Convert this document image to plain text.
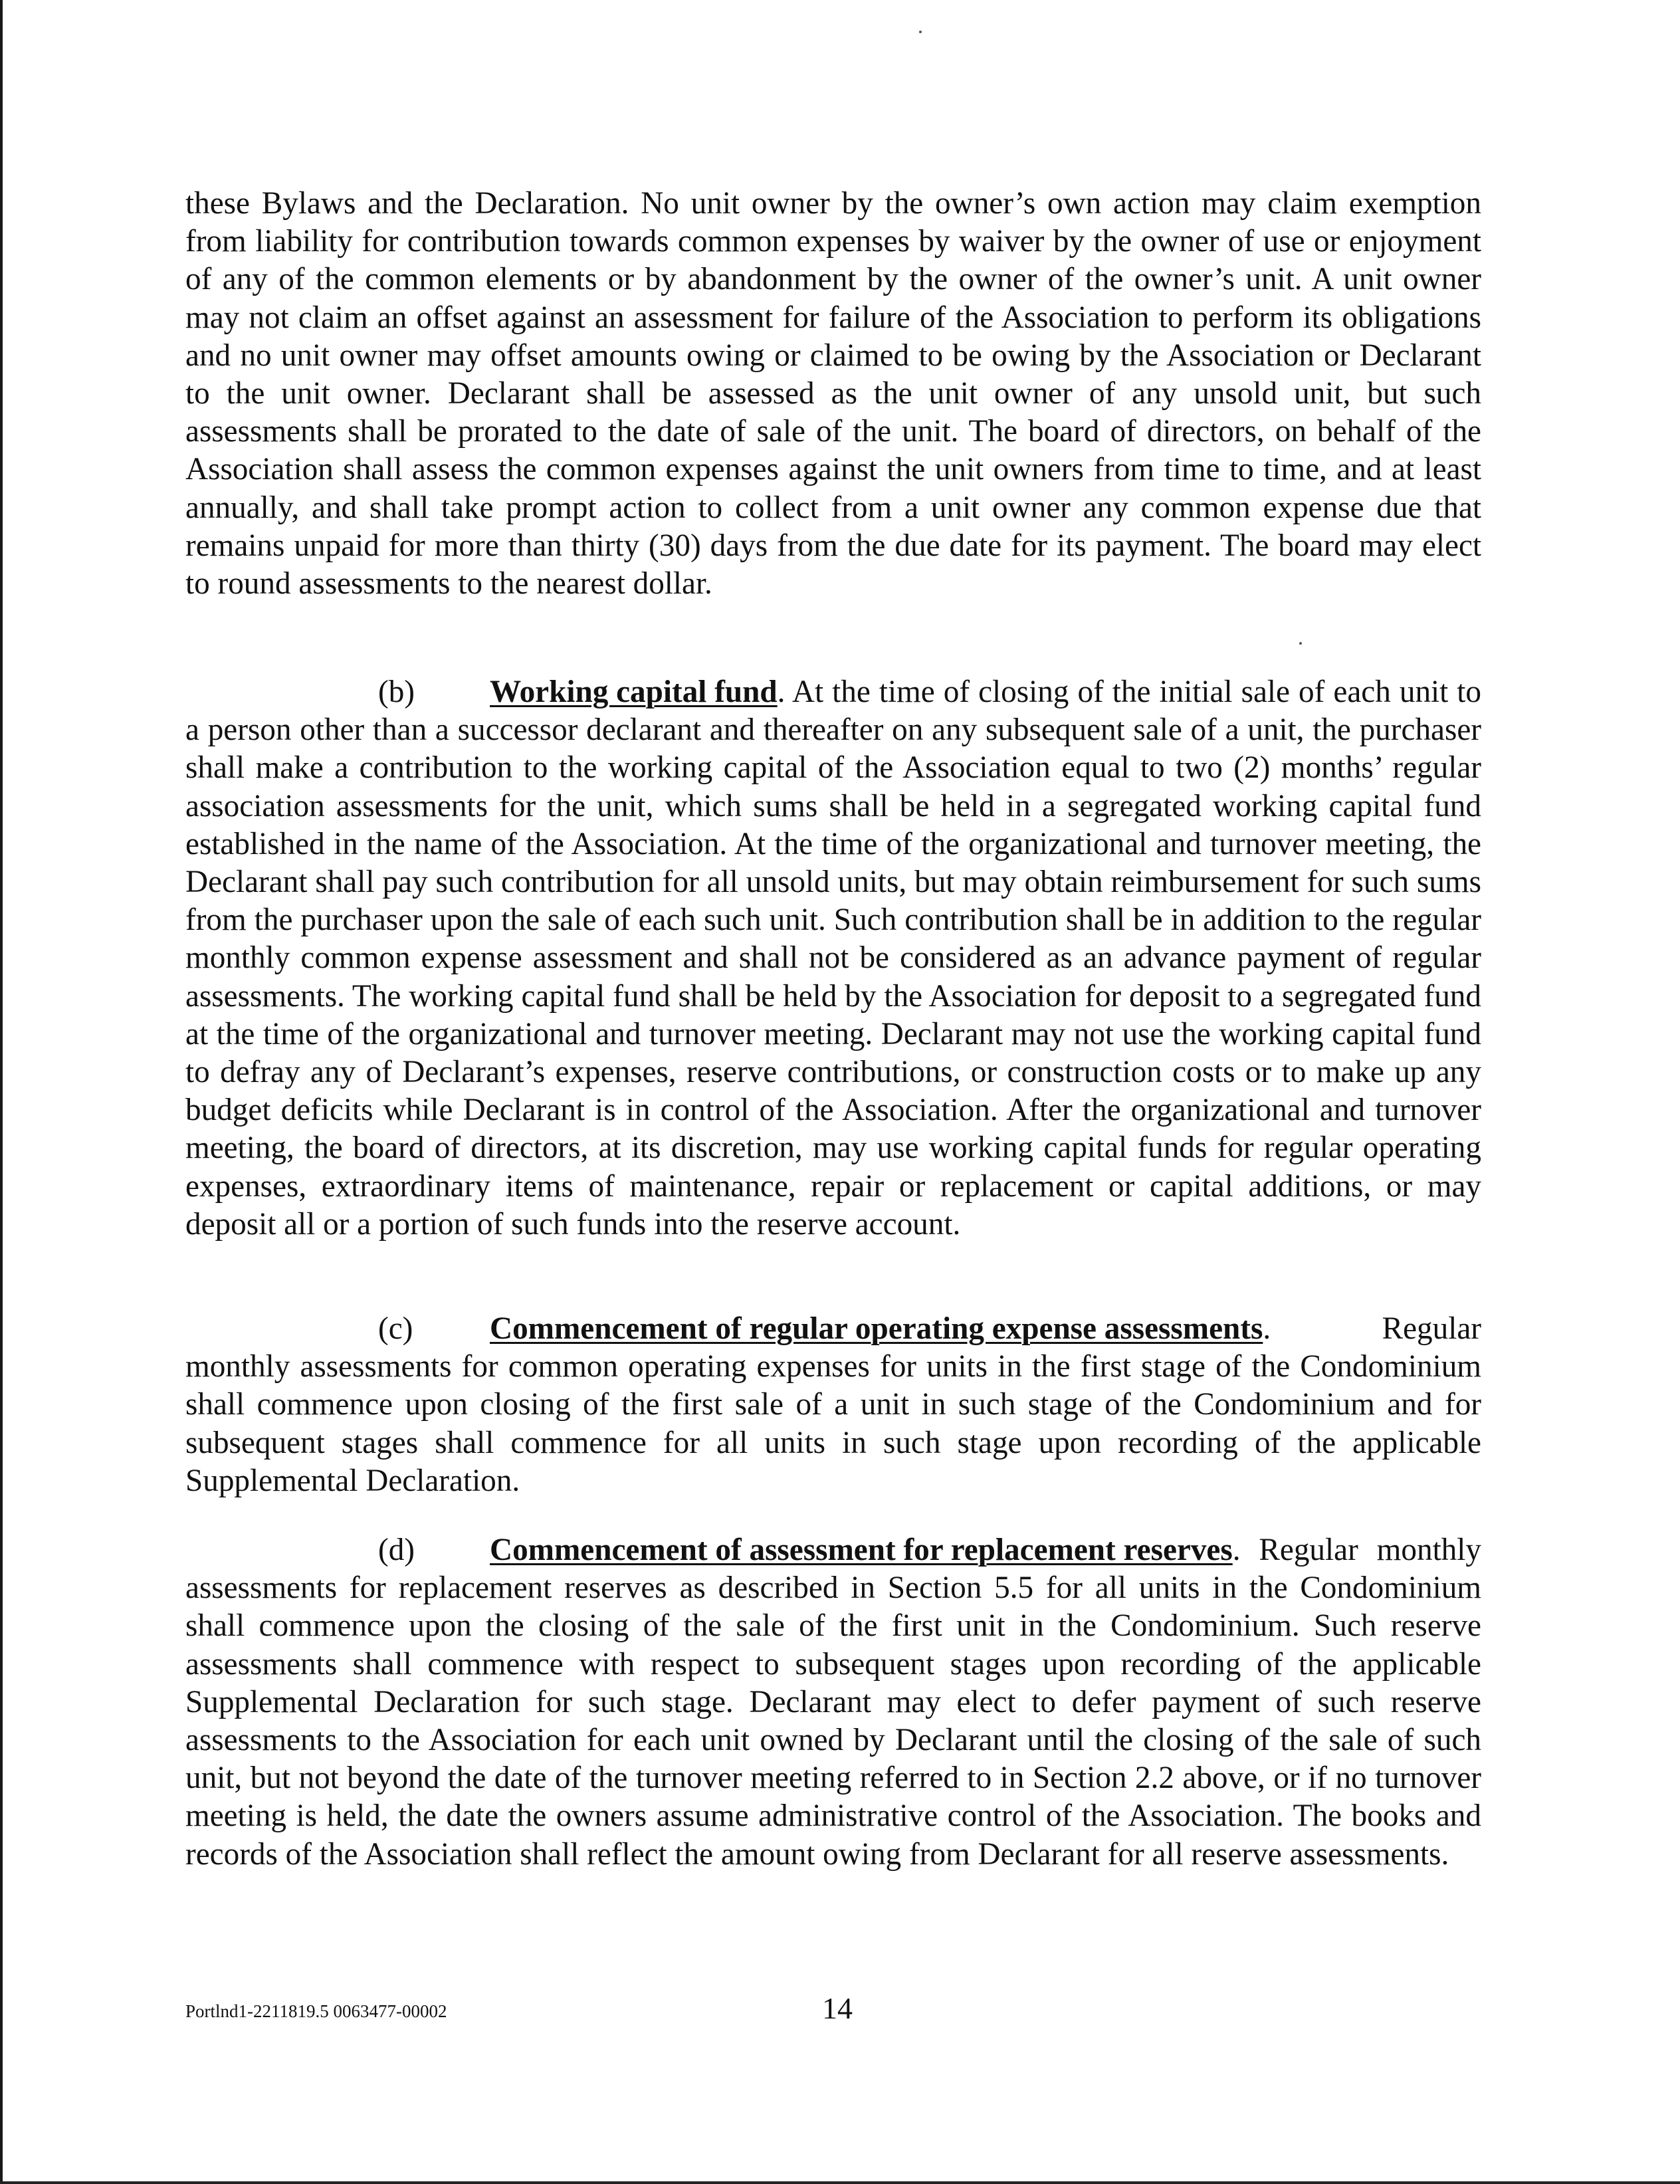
these Bylaws and the Declaration. No unit owner by the owner’s own action may claim exemption from liability for contribution towards common expenses by waiver by the owner of use or enjoyment of any of the common elements or by abandonment by the owner of the owner’s unit. A unit owner may not claim an offset against an assessment for failure of the Association to perform its obligations and no unit owner may offset amounts owing or claimed to be owing by the Association or Declarant to the unit owner. Declarant shall be assessed as the unit owner of any unsold unit, but such assessments shall be prorated to the date of sale of the unit. The board of directors, on behalf of the Association shall assess the common expenses against the unit owners from time to time, and at least annually, and shall take prompt action to collect from a unit owner any common expense due that remains unpaid for more than thirty (30) days from the due date for its payment. The board may elect to round assessments to the nearest dollar.

(b) Working capital fund. At the time of closing of the initial sale of each unit to a person other than a successor declarant and thereafter on any subsequent sale of a unit, the purchaser shall make a contribution to the working capital of the Association equal to two (2) months’ regular association assessments for the unit, which sums shall be held in a segregated working capital fund established in the name of the Association. At the time of the organizational and turnover meeting, the Declarant shall pay such contribution for all unsold units, but may obtain reimbursement for such sums from the purchaser upon the sale of each such unit. Such contribution shall be in addition to the regular monthly common expense assessment and shall not be considered as an advance payment of regular assessments. The working capital fund shall be held by the Association for deposit to a segregated fund at the time of the organizational and turnover meeting. Declarant may not use the working capital fund to defray any of Declarant’s expenses, reserve contributions, or construction costs or to make up any budget deficits while Declarant is in control of the Association. After the organizational and turnover meeting, the board of directors, at its discretion, may use working capital funds for regular operating expenses, extraordinary items of maintenance, repair or replacement or capital additions, or may deposit all or a portion of such funds into the reserve account.

(c) Commencement of regular operating expense assessments. Regular monthly assessments for common operating expenses for units in the first stage of the Condominium shall commence upon closing of the first sale of a unit in such stage of the Condominium and for subsequent stages shall commence for all units in such stage upon recording of the applicable Supplemental Declaration.

(d) Commencement of assessment for replacement reserves. Regular monthly assessments for replacement reserves as described in Section 5.5 for all units in the Condominium shall commence upon the closing of the sale of the first unit in the Condominium. Such reserve assessments shall commence with respect to subsequent stages upon recording of the applicable Supplemental Declaration for such stage. Declarant may elect to defer payment of such reserve assessments to the Association for each unit owned by Declarant until the closing of the sale of such unit, but not beyond the date of the turnover meeting referred to in Section 2.2 above, or if no turnover meeting is held, the date the owners assume administrative control of the Association. The books and records of the Association shall reflect the amount owing from Declarant for all reserve assessments.

Portlnd1-2211819.5 0063477-00002	14
